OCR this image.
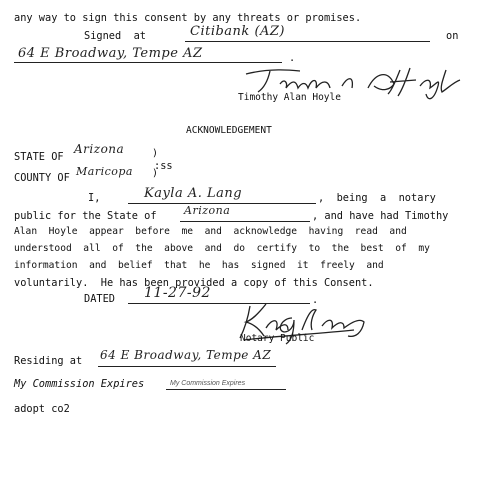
any way to sign this consent by any threats or promises.
Signed  at	Citibank (AZ)	on
64 E Broadway, Tempe AZ	.
Timothy Alan Hoyle
ACKNOWLEDGEMENT
STATE OF
Arizona	)
:ss
COUNTY OF Maricopa )
I,	Kayla A. Lang	,  being  a  notary
public for the State of Arizona	, and have had Timothy
Alan  Hoyle  appear  before  me  and  acknowledge  having  read  and
understood  all  of  the  above  and  do  certify  to  the  best  of  my
information  and  belief  that  he  has  signed  it  freely  and
voluntarily.  He has been provided a copy of this Consent.
DATED 11-27-92	.
Notary Public
Residing at 64 E Broadway, Tempe AZ
My Commission Expires	My Commission Expires
adopt co2
